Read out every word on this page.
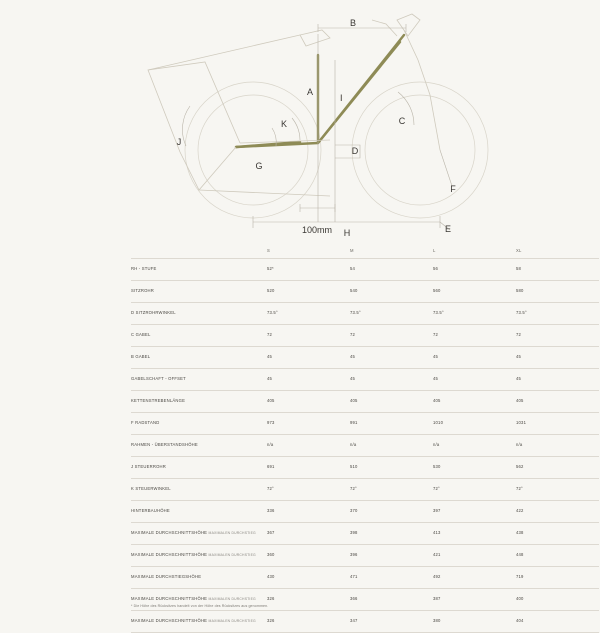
B
A
I
C
D
E
F
G
H
J
K
100mm
	S	M	L	XL
RH - STUFE	52*	54	56	58
SITZROHR	520	540	560	580
D SITZROHRWINKEL	73.5°	73.5°	73.5°	73.5°
C GABEL	72	72	72	72
B GABEL	45	45	45	45
GABELSCHAFT - OFFSET	45	45	45	45
KETTENSTREBENLÄNGE	405	405	405	405
F RADSTAND	973	991	1010	1031
RAHMEN - ÜBERSTANDSHÖHE	n/a	n/a	n/a	n/a
J STEUERROHR	691	510	530	562
K STEUERWINKEL	72°	72°	72°	72°
HINTERBAUHÖHE	336	370	397	422
MAXIMALE DURCHSCHNITTSHÖHE MAXIMALEN DURCHSTIEG	367	398	413	438
MAXIMALE DURCHSCHNITTSHÖHE MAXIMALEN DURCHSTIEG	360	396	421	448
MAXIMALE DURCHSTIEGSHÖHE	430	471	492	719
MAXIMALE DURCHSCHNITTSHÖHE MAXIMALEN DURCHSTIEG	326	366	387	400
MAXIMALE DURCHSCHNITTSHÖHE MAXIMALEN DURCHSTIEG	326	347	380	404
* Die Höhe des Rücksitzes handelt von der Höhe des Rücksitzes aus genommen.
